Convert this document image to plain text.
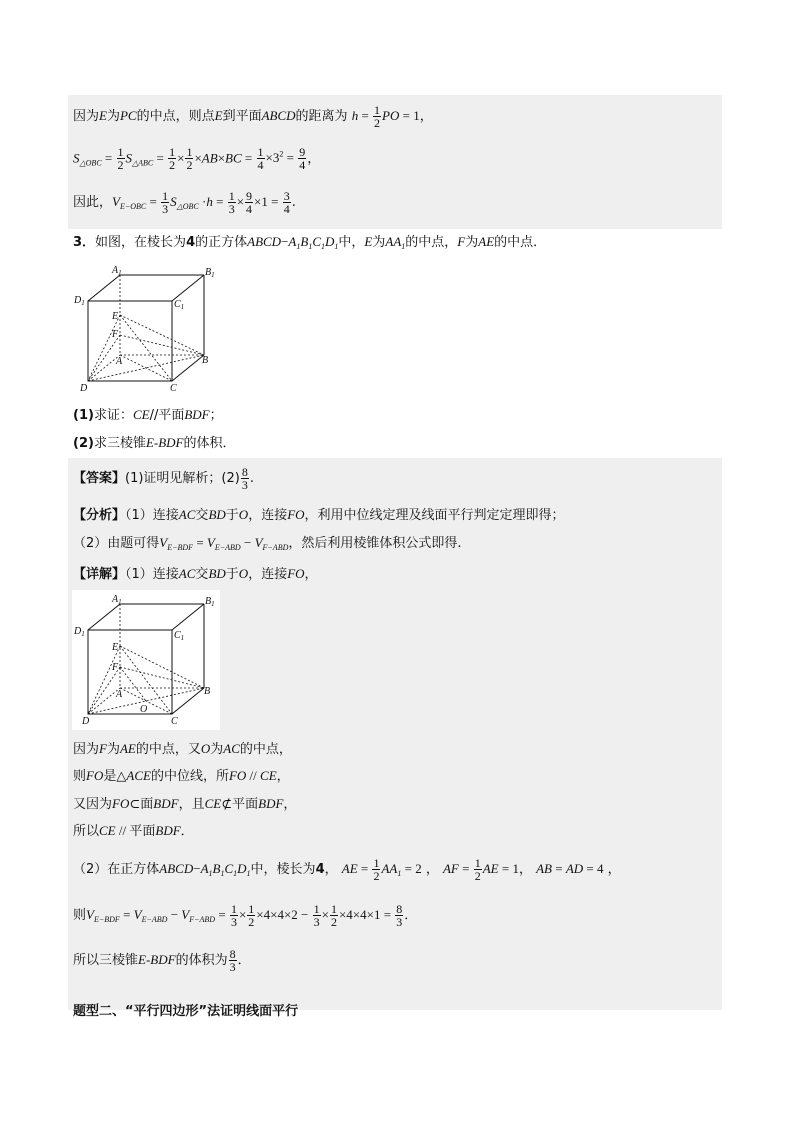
因为E为PC的中点，则点E到平面ABCD的距离为 $h = \frac{1}{2}$ PO = 1，
$S_{\triangle OBC} = \frac{1}{2} S_{\triangle ABC} = \frac{1}{2} \times \frac{1}{2} \times AB\times BC = \frac{1}{4} \times 3^2 = \frac{9}{4}$ ，
因此，$V_{E-OBC} = \frac{1}{3} S_{\triangle OBC} \cdot h = \frac{1}{3} \times \frac{9}{4} \times 1 = \frac{3}{4}$ .
3．如图，在棱长为4的正方体$ABCD-A_1B_1C_1D_1$中，E为$AA_1$的中点，F为AE的中点．
$A_1$	$B_1$
$D_1$	$C_1$
E
F
A	B
D	C
(1)求证：CE//平面BDF；
(2)求三棱锥E-BDF的体积．
【答案】(1)证明见解析；$(2) \frac{8}{3}$ .
【分析】（1）连接AC交BD于O，连接FO，利用中位线定理及线面平行判定定理即得；
（2）由题可得$V_{E-BDF} = V_{E-ABD} - V_{F-ABD}$，然后利用棱锥体积公式即得.
【详解】（1）连接AC交BD于O，连接FO，
$A_1$	$B_1$
$D_1$	$C_1$
E
F
A	B
D
O
C
因为F为AE的中点，又O为AC的中点，
则FO是△ACE的中位线，所FO // CE，
又因为FO⊂面BDF，且CE⊄平面BDF，
所以CE // 平面BDF．
（2）在正方体$ABCD-A_1B_1C_1D_1$中，棱长为4， AE = $\frac{1}{2} AA_1 = 2$ ， AF = $\frac{1}{2}$ AE = 1， AB = AD = 4 ，
则$V_{E-BDF} = V_{E-ABD} - V_{F-ABD} = \frac{1}{3} \times \frac{1}{2} \times 4\times 4\times 2 - \frac{1}{3} \times \frac{1}{2} \times 4\times 4\times 1 = \frac{8}{3}$ ．
所以三棱锥E-BDF的体积为 $\frac{8}{3}$ ．
题型二、“平行四边形”法证明线面平行
